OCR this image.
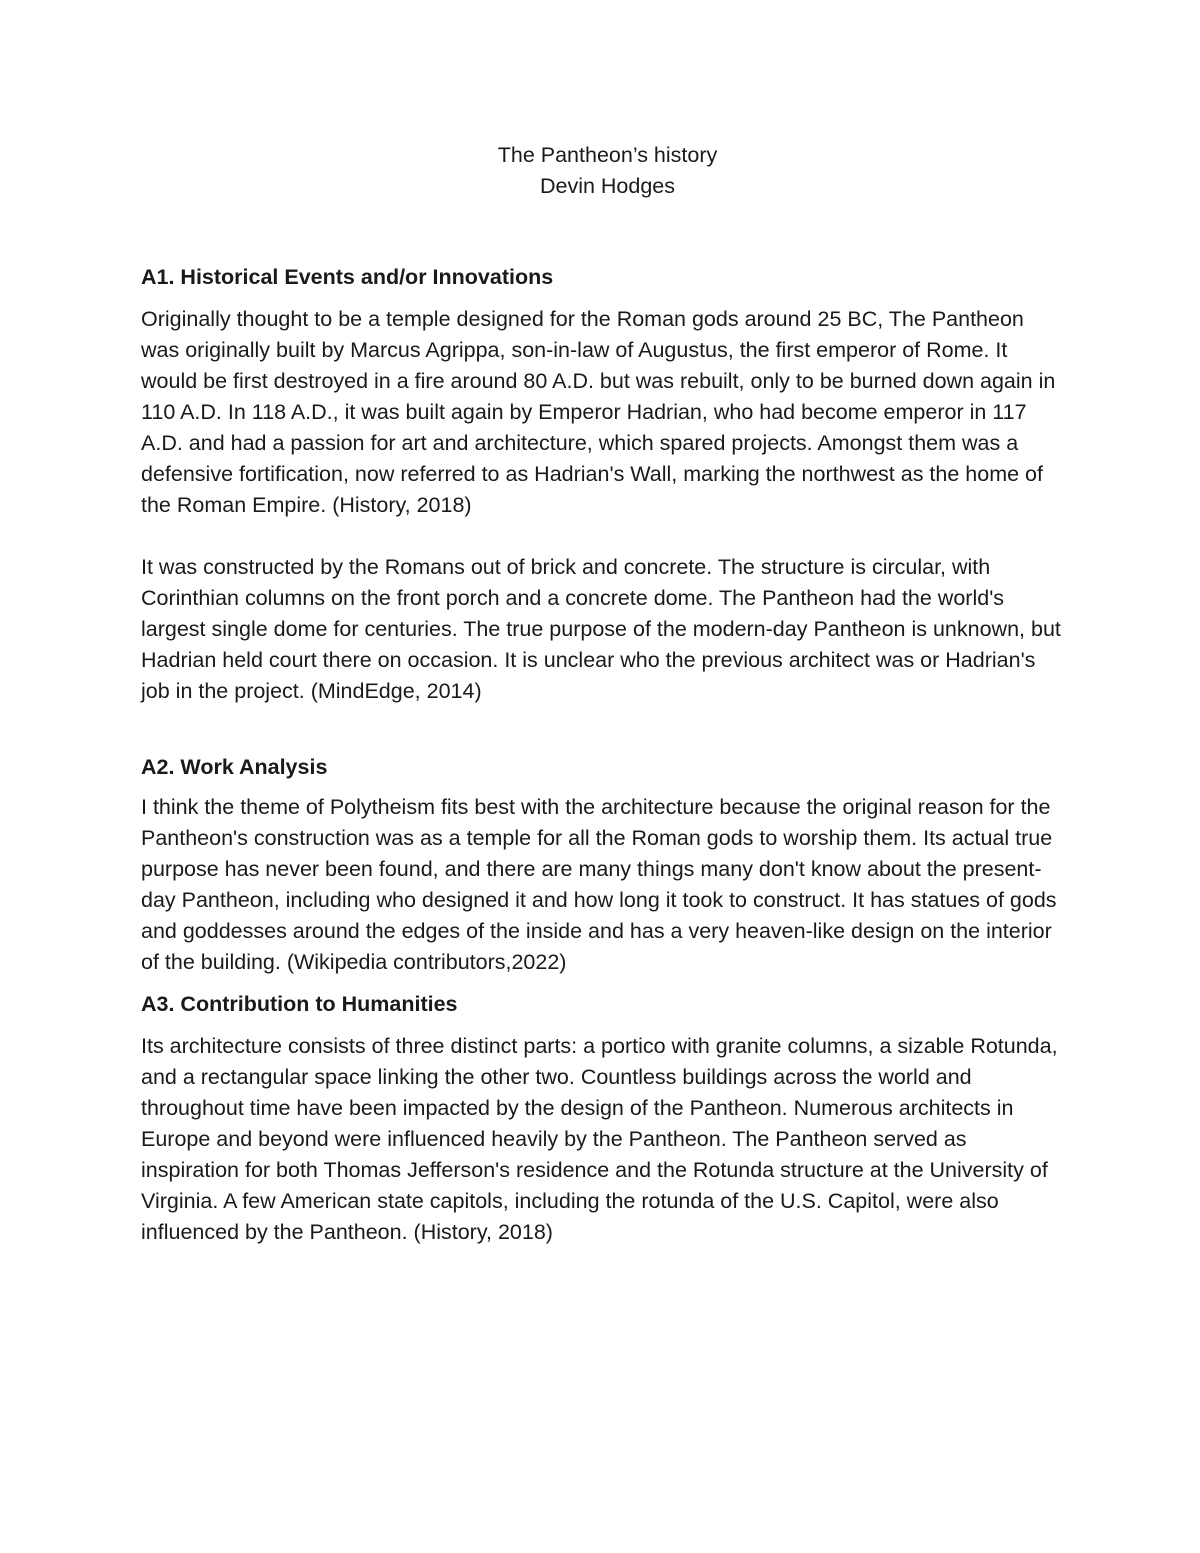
The Pantheon’s history
Devin Hodges
A1. Historical Events and/or Innovations

Originally thought to be a temple designed for the Roman gods around 25 BC, The Pantheon was originally built by Marcus Agrippa, son-in-law of Augustus, the first emperor of Rome. It would be first destroyed in a fire around 80 A.D. but was rebuilt, only to be burned down again in 110 A.D. In 118 A.D., it was built again by Emperor Hadrian, who had become emperor in 117 A.D. and had a passion for art and architecture, which spared projects. Amongst them was a defensive fortification, now referred to as Hadrian's Wall, marking the northwest as the home of the Roman Empire. (History, 2018)

It was constructed by the Romans out of brick and concrete. The structure is circular, with Corinthian columns on the front porch and a concrete dome. The Pantheon had the world's largest single dome for centuries. The true purpose of the modern-day Pantheon is unknown, but Hadrian held court there on occasion. It is unclear who the previous architect was or Hadrian's job in the project. (MindEdge, 2014)

A2. Work Analysis

I think the theme of Polytheism fits best with the architecture because the original reason for the Pantheon's construction was as a temple for all the Roman gods to worship them. Its actual true purpose has never been found, and there are many things many don't know about the present-day Pantheon, including who designed it and how long it took to construct. It has statues of gods and goddesses around the edges of the inside and has a very heaven-like design on the interior of the building. (Wikipedia contributors,2022)

A3. Contribution to Humanities

Its architecture consists of three distinct parts: a portico with granite columns, a sizable Rotunda, and a rectangular space linking the other two. Countless buildings across the world and throughout time have been impacted by the design of the Pantheon. Numerous architects in Europe and beyond were influenced heavily by the Pantheon. The Pantheon served as inspiration for both Thomas Jefferson's residence and the Rotunda structure at the University of Virginia. A few American state capitols, including the rotunda of the U.S. Capitol, were also influenced by the Pantheon. (History, 2018)
